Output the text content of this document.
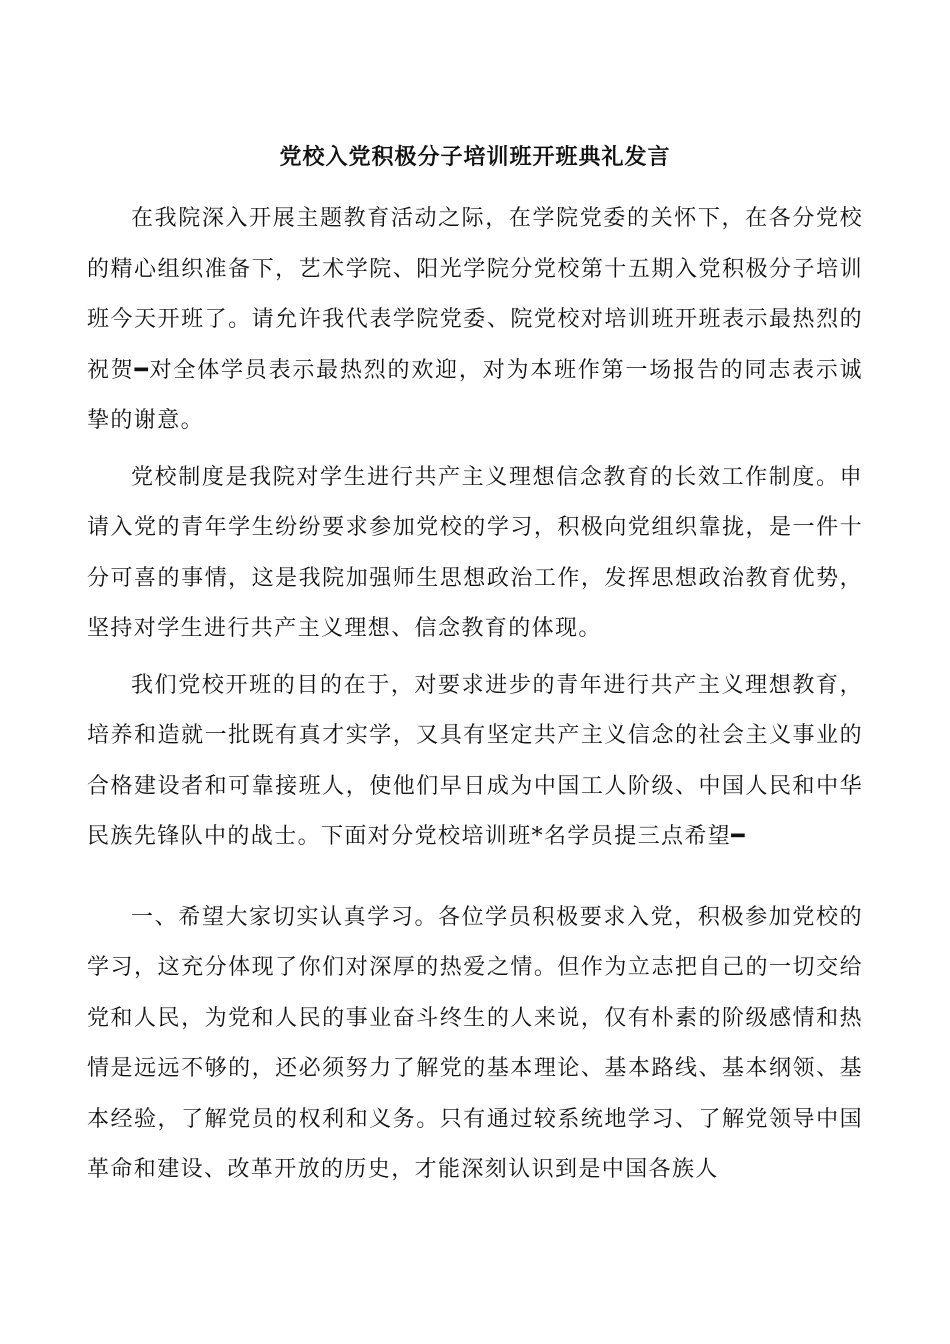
党校入党积极分子培训班开班典礼发言

在我院深入开展主题教育活动之际，在学院党委的关怀下，在各分党校的精心组织准备下，艺术学院、阳光学院分党校第十五期入党积极分子培训班今天开班了。请允许我代表学院党委、院党校对培训班开班表示最热烈的祝贺━对全体学员表示最热烈的欢迎，对为本班作第一场报告的同志表示诚挚的谢意。

党校制度是我院对学生进行共产主义理想信念教育的长效工作制度。申请入党的青年学生纷纷要求参加党校的学习，积极向党组织靠拢，是一件十分可喜的事情，这是我院加强师生思想政治工作，发挥思想政治教育优势，坚持对学生进行共产主义理想、信念教育的体现。

我们党校开班的目的在于，对要求进步的青年进行共产主义理想教育，培养和造就一批既有真才实学，又具有坚定共产主义信念的社会主义事业的合格建设者和可靠接班人，使他们早日成为中国工人阶级、中国人民和中华民族先锋队中的战士。下面对分党校培训班*名学员提三点希望━

一、希望大家切实认真学习。各位学员积极要求入党，积极参加党校的学习，这充分体现了你们对深厚的热爱之情。但作为立志把自己的一切交给党和人民，为党和人民的事业奋斗终生的人来说，仅有朴素的阶级感情和热情是远远不够的，还必须努力了解党的基本理论、基本路线、基本纲领、基本经验，了解党员的权利和义务。只有通过较系统地学习、了解党领导中国革命和建设、改革开放的历史，才能深刻认识到是中国各族人
